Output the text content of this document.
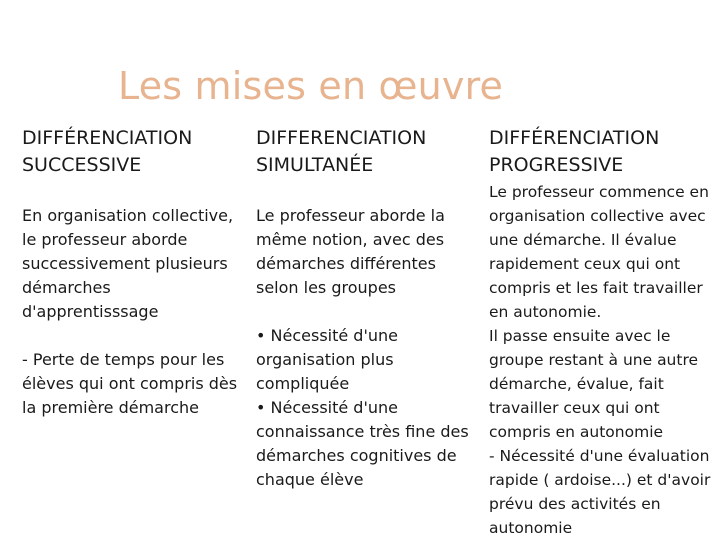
Les mises en œuvre
DIFFÉRENCIATION
SUCCESSIVE
En organisation collective,
le professeur aborde
successivement plusieurs
démarches
d'apprentisssage
- Perte de temps pour les
élèves qui ont compris dès
la première démarche
DIFFERENCIATION
SIMULTANÉE
Le professeur aborde la
même notion, avec des
démarches différentes
selon les groupes
• Nécessité d'une
organisation plus
compliquée
• Nécessité d'une
connaissance très fine des
démarches cognitives de
chaque élève
DIFFÉRENCIATION
PROGRESSIVE
Le professeur commence en
organisation collective avec
une démarche. Il évalue
rapidement ceux qui ont
compris et les fait travailler
en autonomie.
Il passe ensuite avec le
groupe restant à une autre
démarche, évalue, fait
travailler ceux qui ont
compris en autonomie
- Nécessité d'une évaluation
rapide ( ardoise...) et d'avoir
prévu des activités en
autonomie
